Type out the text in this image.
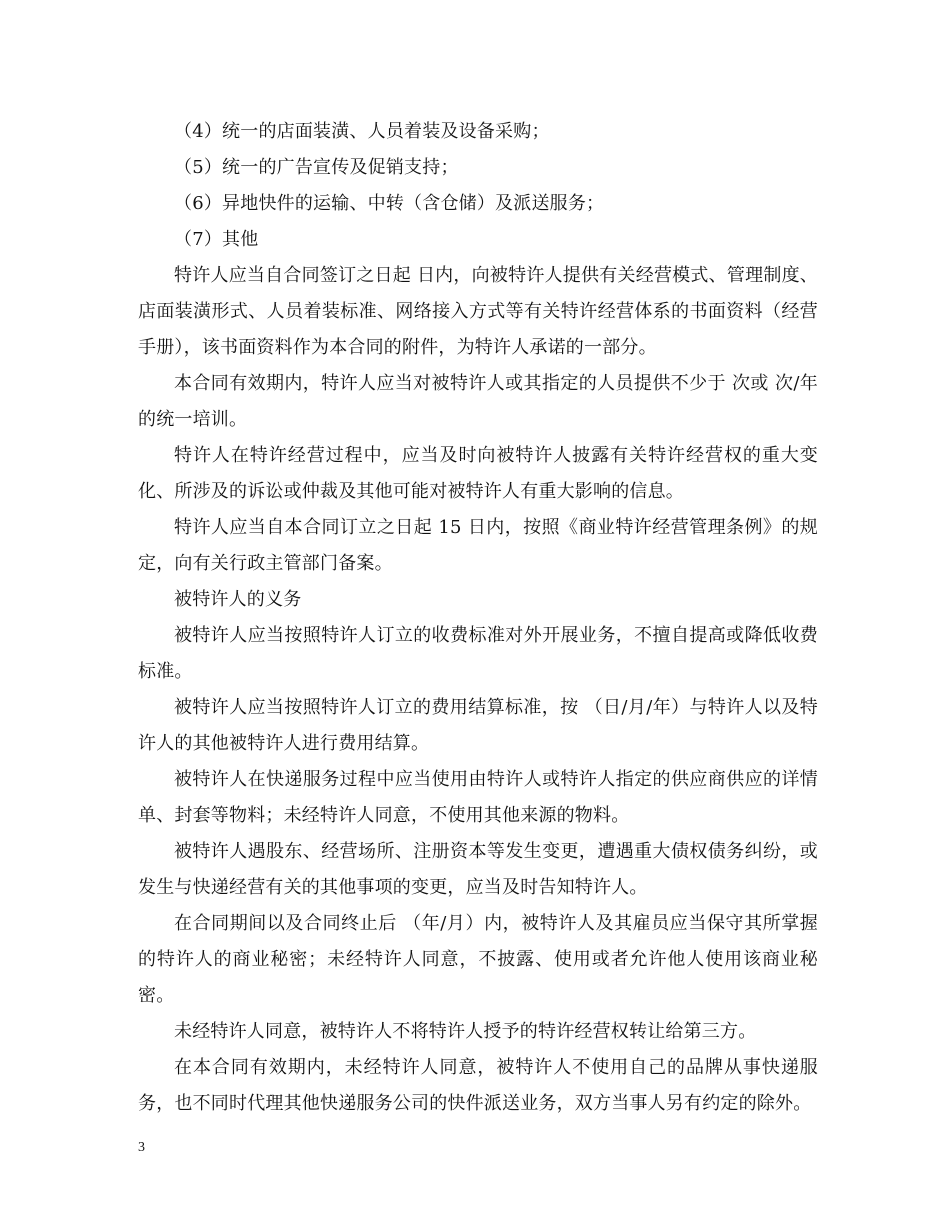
（4）统一的店面装潢、人员着装及设备采购；

（5）统一的广告宣传及促销支持；

（6）异地快件的运输、中转（含仓储）及派送服务；

（7）其他

特许人应当自合同签订之日起 日内，向被特许人提供有关经营模式、管理制度、店面装潢形式、人员着装标准、网络接入方式等有关特许经营体系的书面资料（经营手册），该书面资料作为本合同的附件，为特许人承诺的一部分。

本合同有效期内，特许人应当对被特许人或其指定的人员提供不少于 次或 次/年的统一培训。

特许人在特许经营过程中，应当及时向被特许人披露有关特许经营权的重大变化、所涉及的诉讼或仲裁及其他可能对被特许人有重大影响的信息。

特许人应当自本合同订立之日起 15 日内，按照《商业特许经营管理条例》的规定，向有关行政主管部门备案。

被特许人的义务

被特许人应当按照特许人订立的收费标准对外开展业务，不擅自提高或降低收费标准。

被特许人应当按照特许人订立的费用结算标准，按 （日/月/年）与特许人以及特许人的其他被特许人进行费用结算。

被特许人在快递服务过程中应当使用由特许人或特许人指定的供应商供应的详情单、封套等物料；未经特许人同意，不使用其他来源的物料。

被特许人遇股东、经营场所、注册资本等发生变更，遭遇重大债权债务纠纷，或发生与快递经营有关的其他事项的变更，应当及时告知特许人。

在合同期间以及合同终止后 （年/月）内，被特许人及其雇员应当保守其所掌握的特许人的商业秘密；未经特许人同意，不披露、使用或者允许他人使用该商业秘密。

未经特许人同意，被特许人不将特许人授予的特许经营权转让给第三方。

在本合同有效期内，未经特许人同意，被特许人不使用自己的品牌从事快递服务，也不同时代理其他快递服务公司的快件派送业务，双方当事人另有约定的除外。

3
